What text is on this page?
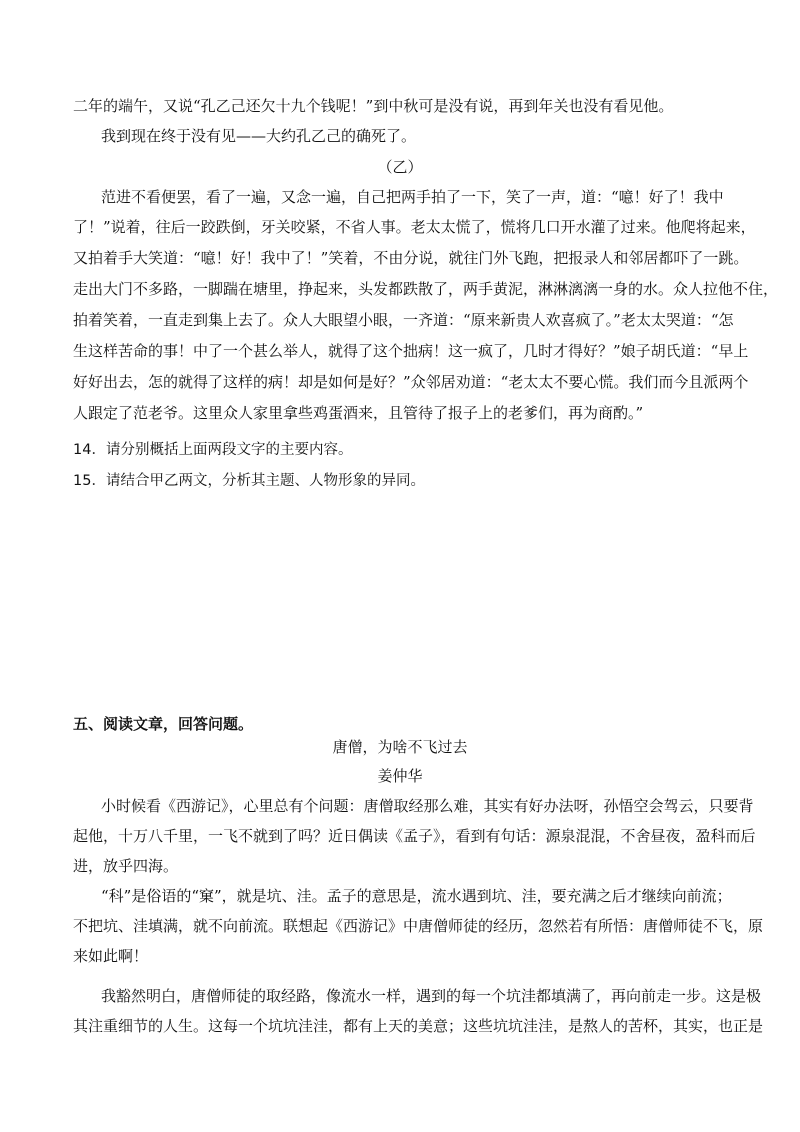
二年的端午，又说“孔乙己还欠十九个钱呢！”到中秋可是没有说，再到年关也没有看见他。
我到现在终于没有见——大约孔乙己的确死了。
（乙）
范进不看便罢，看了一遍，又念一遍，自己把两手拍了一下，笑了一声，道：“噫！好了！我中
了！”说着，往后一跤跌倒，牙关咬紧，不省人事。老太太慌了，慌将几口开水灌了过来。他爬将起来，
又拍着手大笑道：“噫！好！我中了！”笑着，不由分说，就往门外飞跑，把报录人和邻居都吓了一跳。
走出大门不多路，一脚踹在塘里，挣起来，头发都跌散了，两手黄泥，淋淋漓漓一身的水。众人拉他不住，
拍着笑着，一直走到集上去了。众人大眼望小眼，一齐道：“原来新贵人欢喜疯了。”老太太哭道：“怎
生这样苦命的事！中了一个甚么举人，就得了这个拙病！这一疯了，几时才得好？”娘子胡氏道：“早上
好好出去，怎的就得了这样的病！却是如何是好？”众邻居劝道：“老太太不要心慌。我们而今且派两个
人跟定了范老爷。这里众人家里拿些鸡蛋酒来，且管待了报子上的老爹们，再为商酌。”
14．请分别概括上面两段文字的主要内容。
15．请结合甲乙两文，分析其主题、人物形象的异同。
五、阅读文章，回答问题。
唐僧，为啥不飞过去
姜仲华
小时候看《西游记》，心里总有个问题：唐僧取经那么难，其实有好办法呀，孙悟空会驾云，只要背
起他，十万八千里，一飞不就到了吗？近日偶读《孟子》，看到有句话：源泉混混，不舍昼夜，盈科而后
进，放乎四海。
“科”是俗语的“窠”，就是坑、洼。孟子的意思是，流水遇到坑、洼，要充满之后才继续向前流；
不把坑、洼填满，就不向前流。联想起《西游记》中唐僧师徒的经历，忽然若有所悟：唐僧师徒不飞，原
来如此啊！
我豁然明白，唐僧师徒的取经路，像流水一样，遇到的每一个坑洼都填满了，再向前走一步。这是极
其注重细节的人生。这每一个坑坑洼洼，都有上天的美意；这些坑坑洼洼，是熬人的苦杯，其实，也正是
